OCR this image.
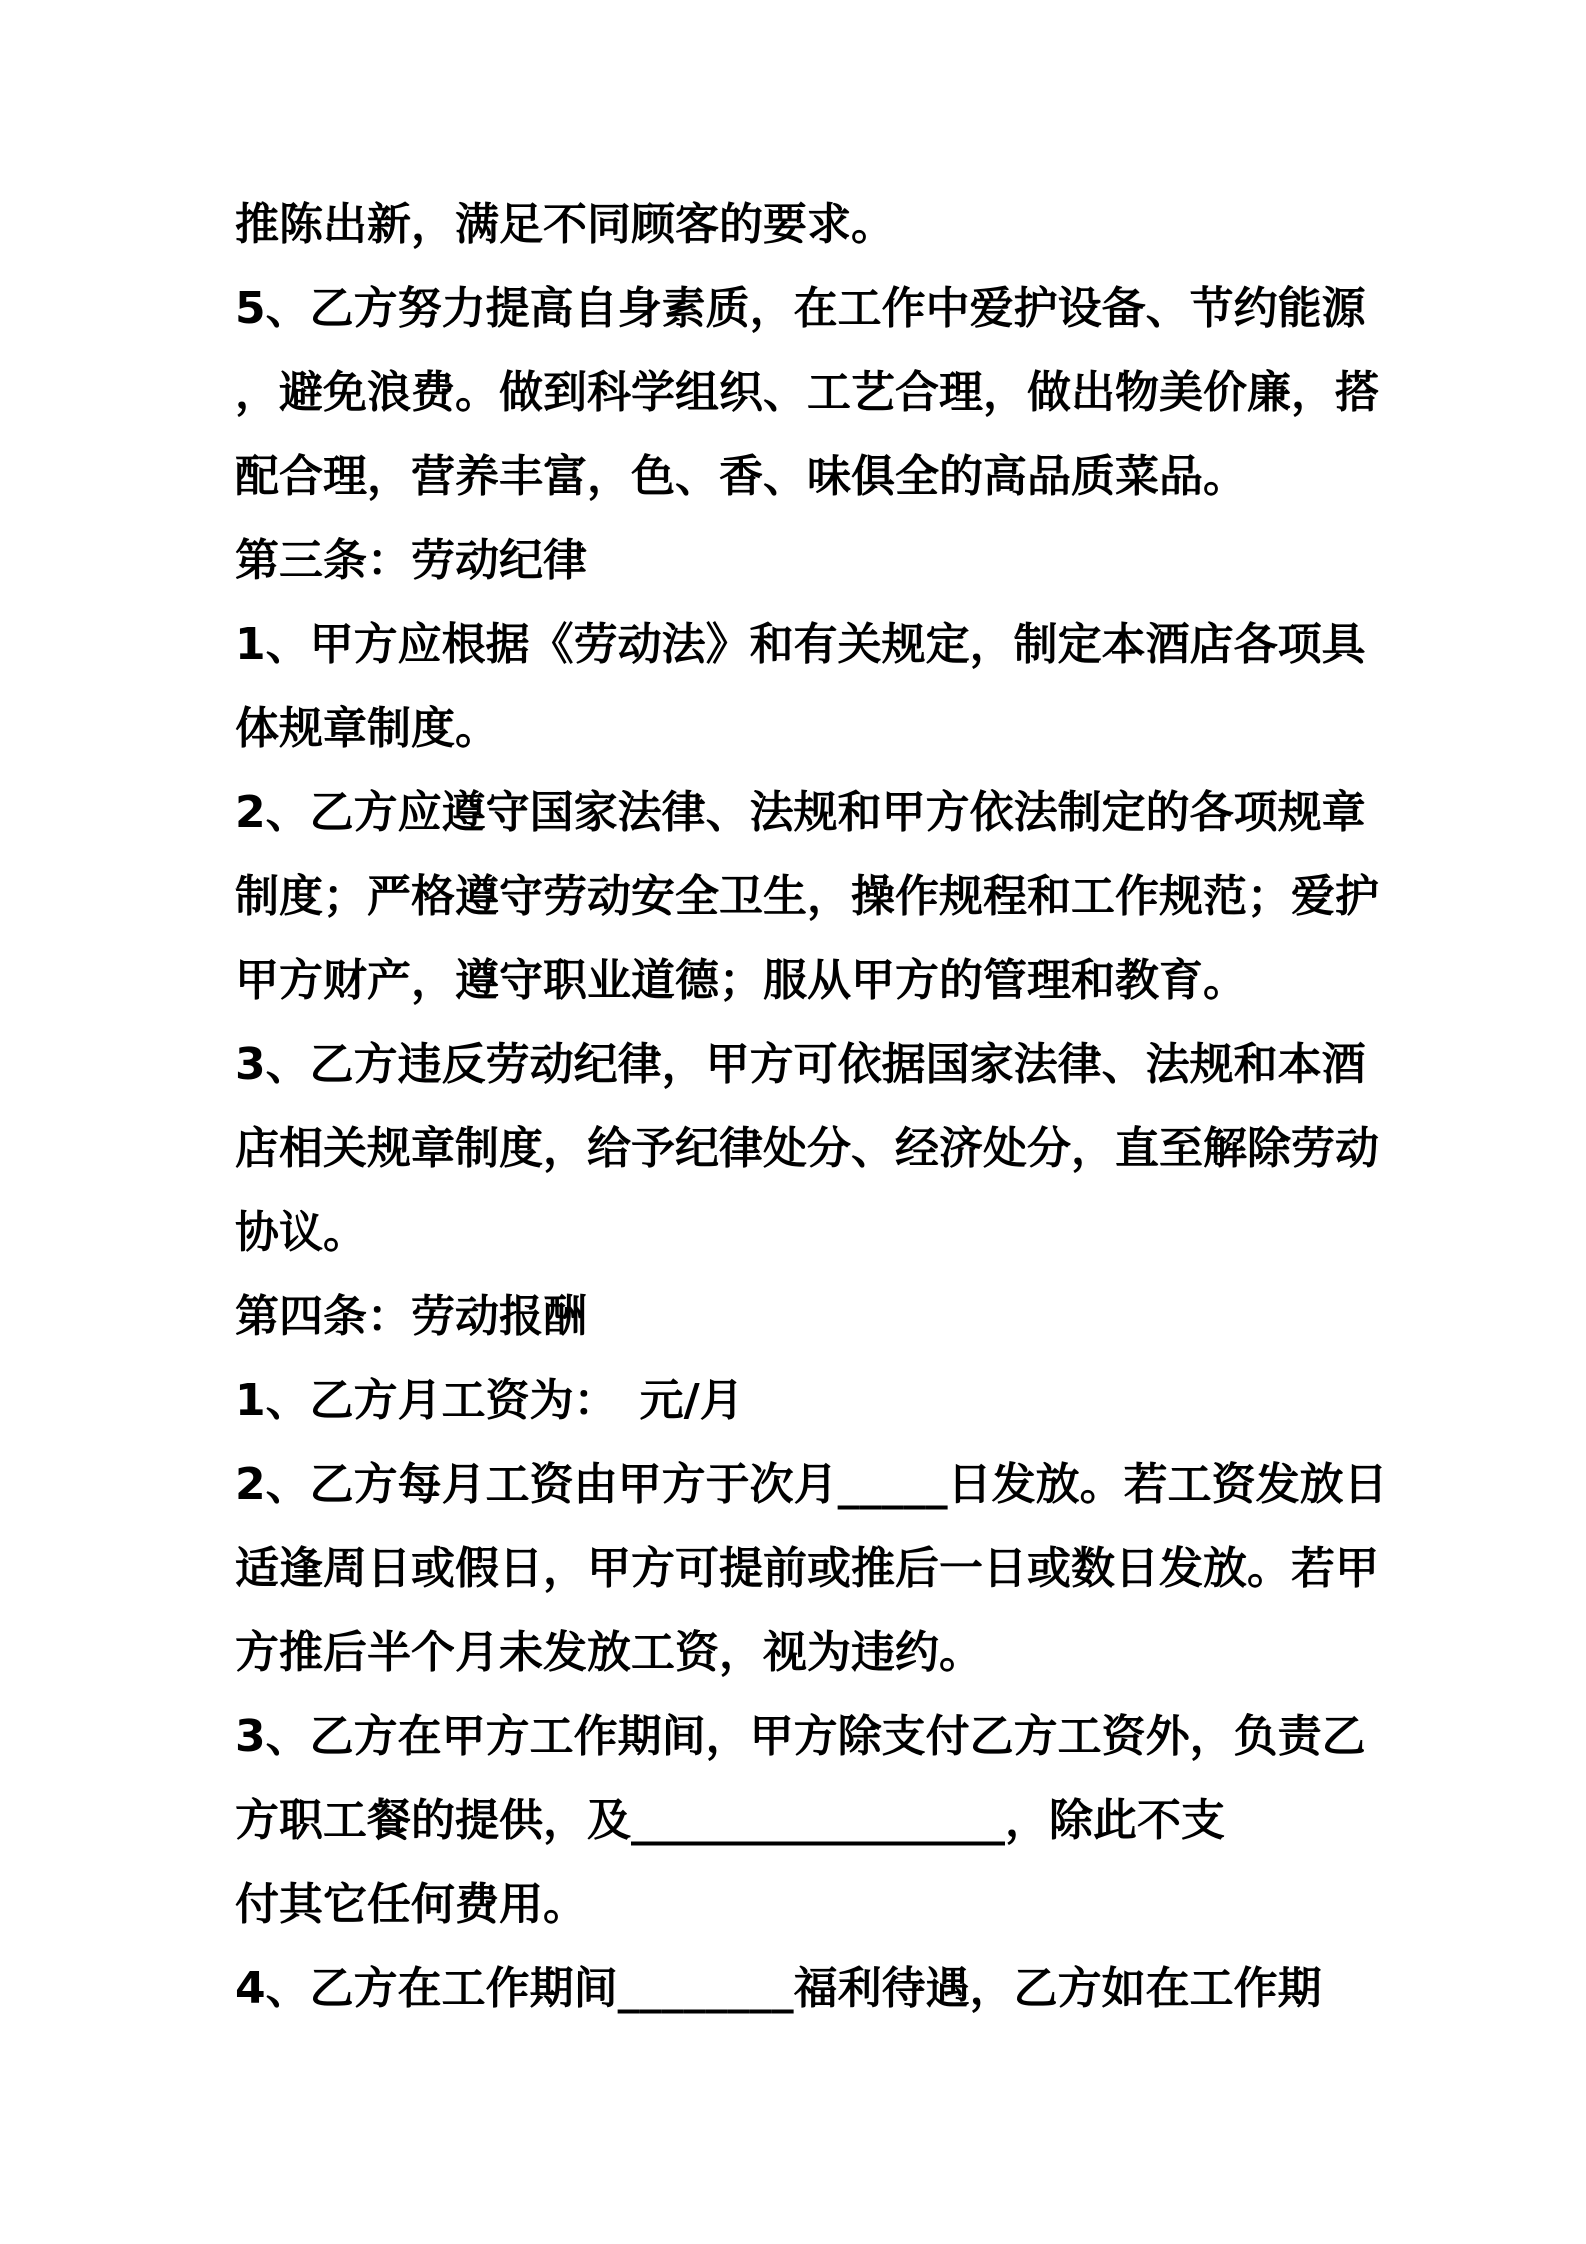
推陈出新，满足不同顾客的要求。
5、乙方努力提高自身素质，在工作中爱护设备、节约能源
，避免浪费。做到科学组织、工艺合理，做出物美价廉，搭
配合理，营养丰富，色、香、味俱全的高品质菜品。
第三条：劳动纪律
1、甲方应根据《劳动法》和有关规定，制定本酒店各项具
体规章制度。
2、乙方应遵守国家法律、法规和甲方依法制定的各项规章
制度；严格遵守劳动安全卫生，操作规程和工作规范；爱护
甲方财产，遵守职业道德；服从甲方的管理和教育。
3、乙方违反劳动纪律，甲方可依据国家法律、法规和本酒
店相关规章制度，给予纪律处分、经济处分，直至解除劳动
协议。
第四条：劳动报酬
1、乙方月工资为：　元/月
2、乙方每月工资由甲方于次月_____日发放。若工资发放日
适逢周日或假日，甲方可提前或推后一日或数日发放。若甲
方推后半个月未发放工资，视为违约。
3、乙方在甲方工作期间，甲方除支付乙方工资外，负责乙
方职工餐的提供，及_________________，除此不支
付其它任何费用。
4、乙方在工作期间________福利待遇，乙方如在工作期
